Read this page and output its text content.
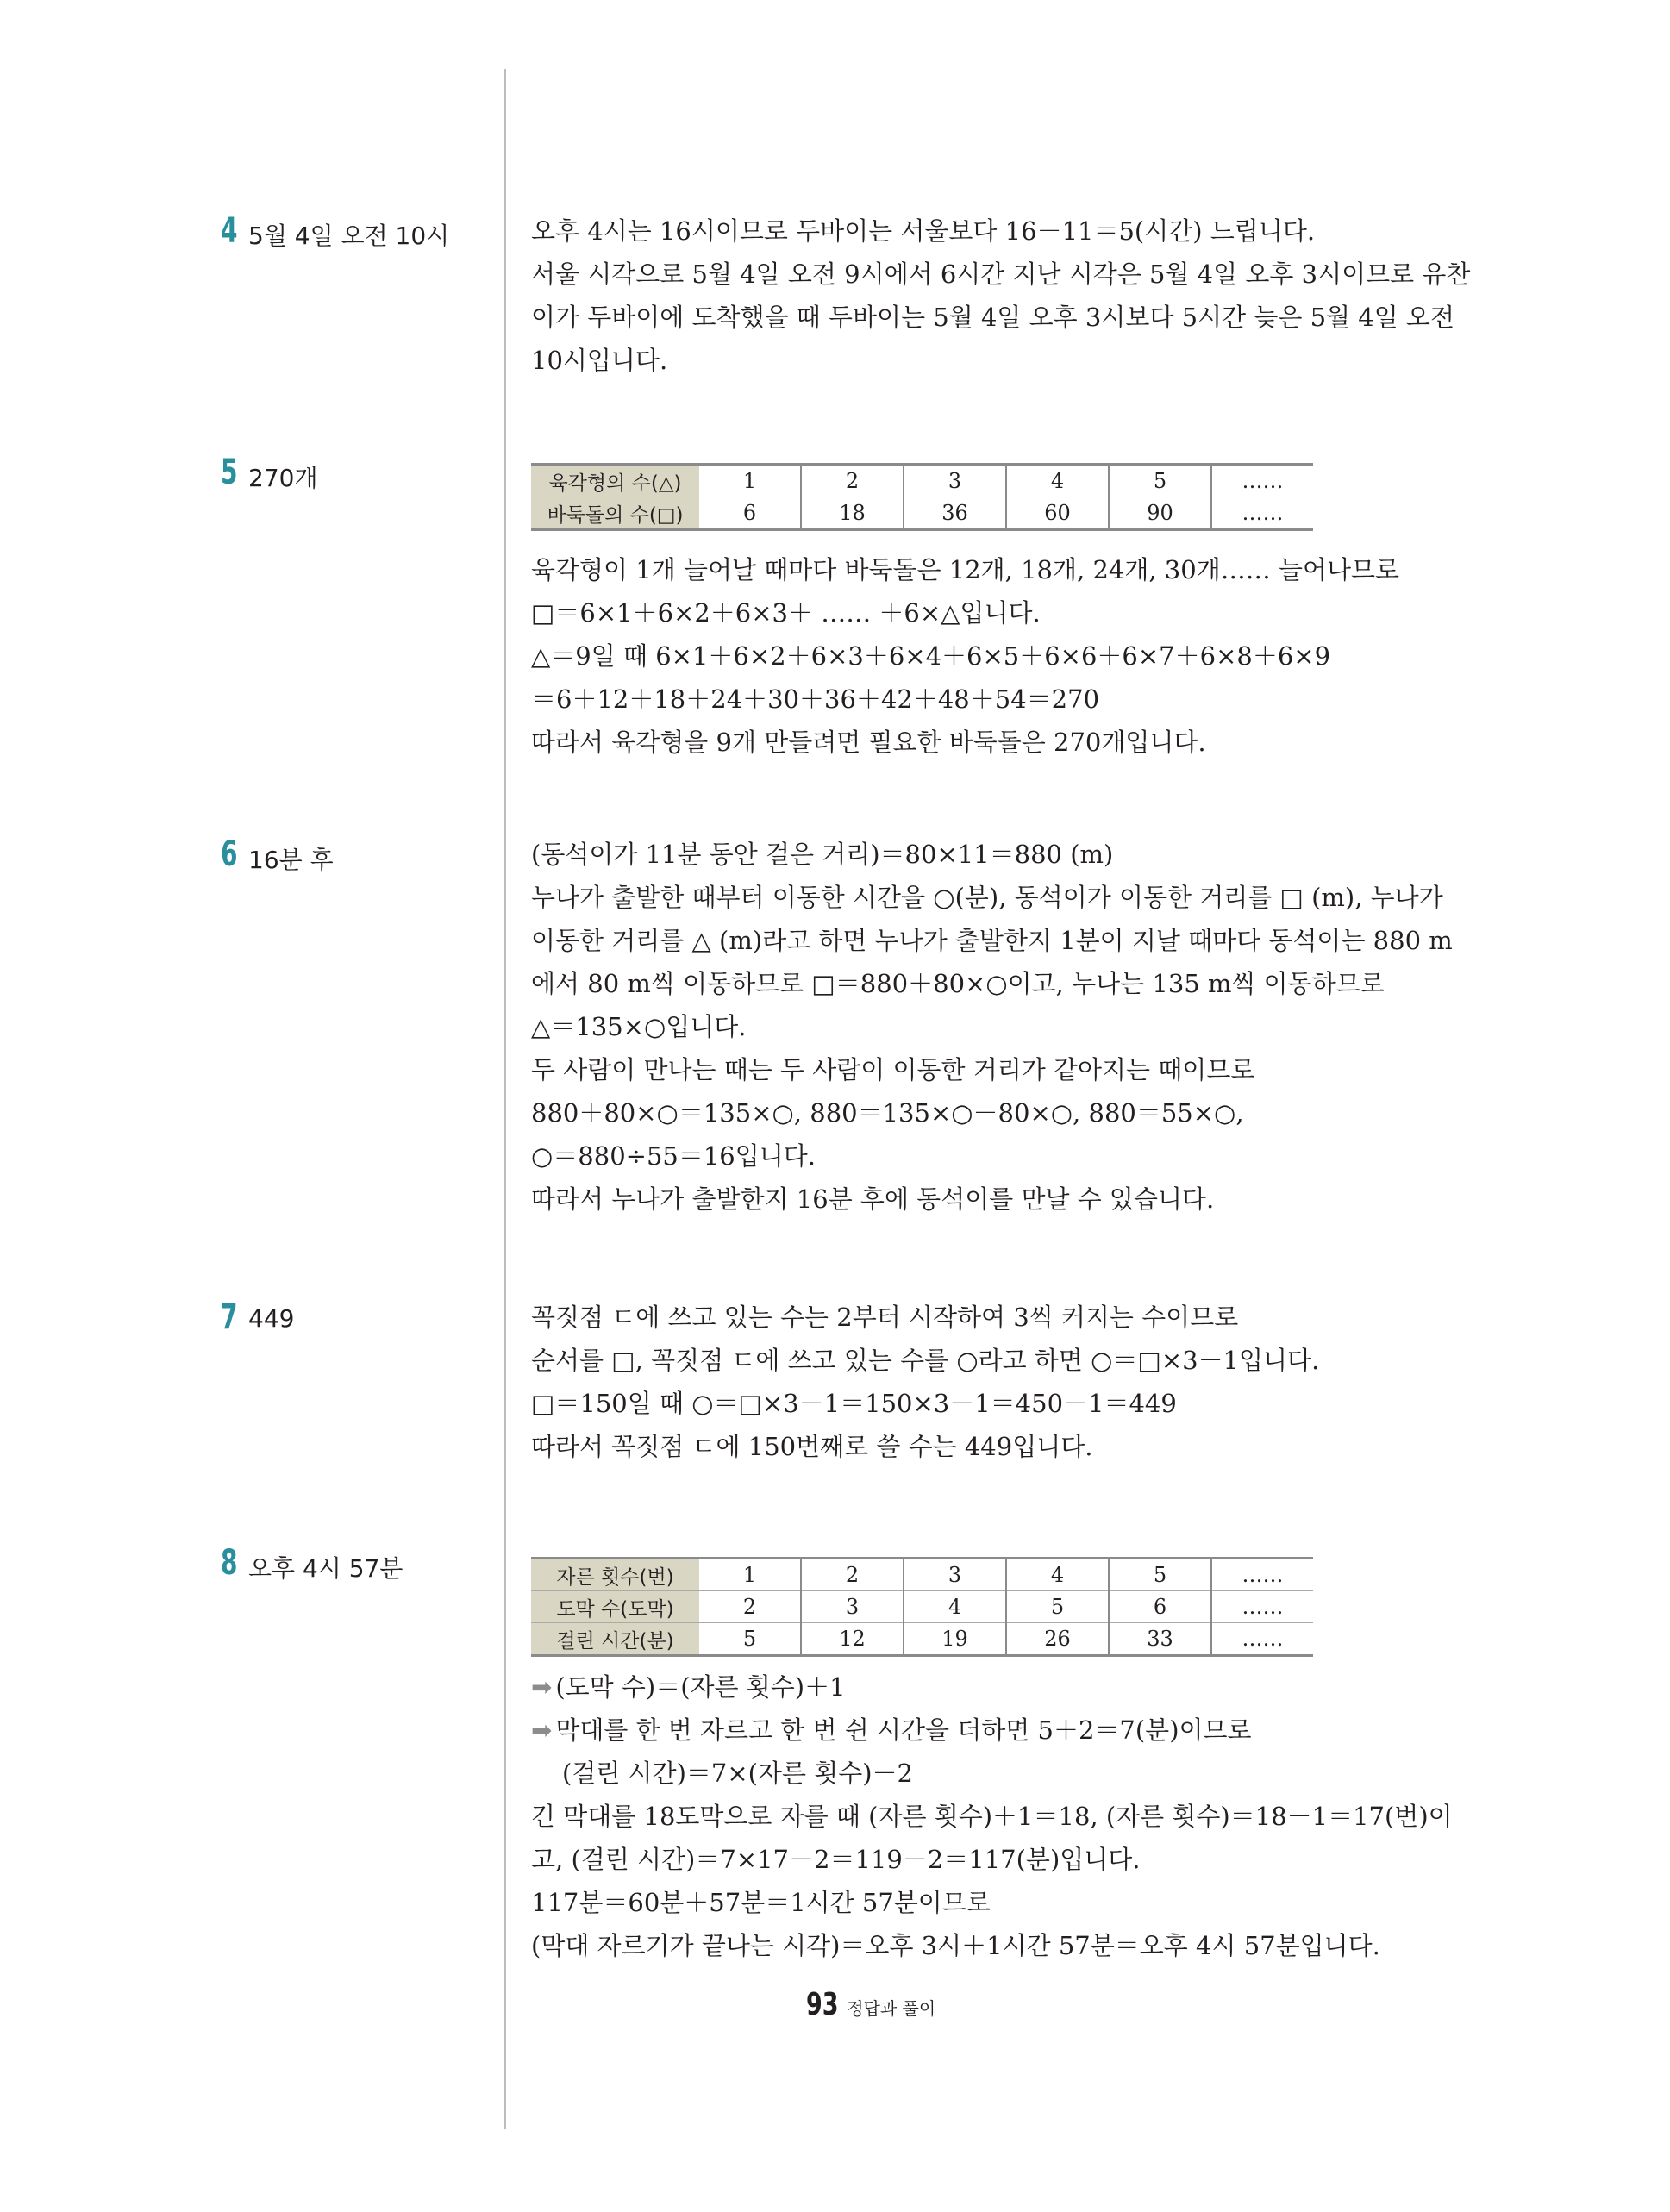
4 5월 4일 오전 10시	오후 4시는 16시이므로 두바이는 서울보다 16－11＝5(시간) 느립니다.
서울 시각으로 5월 4일 오전 9시에서 6시간 지난 시각은 5월 4일 오후 3시이므로 유찬
이가 두바이에 도착했을 때 두바이는 5월 4일 오후 3시보다 5시간 늦은 5월 4일 오전
10시입니다.
5 270개	육각형의 수(△)	1	2	3	4	5	……
바둑돌의 수(□)	6	18	36	60	90	……
육각형이 1개 늘어날 때마다 바둑돌은 12개, 18개, 24개, 30개…… 늘어나므로
□＝6×1＋6×2＋6×3＋ …… ＋6×△입니다.
△＝9일 때 6×1＋6×2＋6×3＋6×4＋6×5＋6×6＋6×7＋6×8＋6×9
＝6＋12＋18＋24＋30＋36＋42＋48＋54＝270
따라서 육각형을 9개 만들려면 필요한 바둑돌은 270개입니다.
6 16분 후	(동석이가 11분 동안 걸은 거리)＝80×11＝880 (m)
누나가 출발한 때부터 이동한 시간을 ○(분), 동석이가 이동한 거리를 □ (m), 누나가
이동한 거리를 △ (m)라고 하면 누나가 출발한지 1분이 지날 때마다 동석이는 880 m
에서 80 m씩 이동하므로 □＝880＋80×○이고, 누나는 135 m씩 이동하므로
△＝135×○입니다.
두 사람이 만나는 때는 두 사람이 이동한 거리가 같아지는 때이므로
880＋80×○＝135×○, 880＝135×○－80×○, 880＝55×○,
○＝880÷55＝16입니다.
따라서 누나가 출발한지 16분 후에 동석이를 만날 수 있습니다.
7 449	꼭짓점 ㄷ에 쓰고 있는 수는 2부터 시작하여 3씩 커지는 수이므로
순서를 □, 꼭짓점 ㄷ에 쓰고 있는 수를 ○라고 하면 ○＝□×3－1입니다.
□＝150일 때 ○＝□×3－1＝150×3－1＝450－1＝449
따라서 꼭짓점 ㄷ에 150번째로 쓸 수는 449입니다.
8 오후 4시 57분	자른 횟수(번)	1	2	3	4	5	……
도막 수(도막)	2	3	4	5	6	……
걸린 시간(분)	5	12	19	26	33	……
➡ (도막 수)＝(자른 횟수)＋1
➡ 막대를 한 번 자르고 한 번 쉰 시간을 더하면 5＋2＝7(분)이므로
(걸린 시간)＝7×(자른 횟수)－2
긴 막대를 18도막으로 자를 때 (자른 횟수)＋1＝18, (자른 횟수)＝18－1＝17(번)이
고, (걸린 시간)＝7×17－2＝119－2＝117(분)입니다.
117분＝60분＋57분＝1시간 57분이므로
(막대 자르기가 끝나는 시각)＝오후 3시＋1시간 57분＝오후 4시 57분입니다.
93 정답과 풀이
